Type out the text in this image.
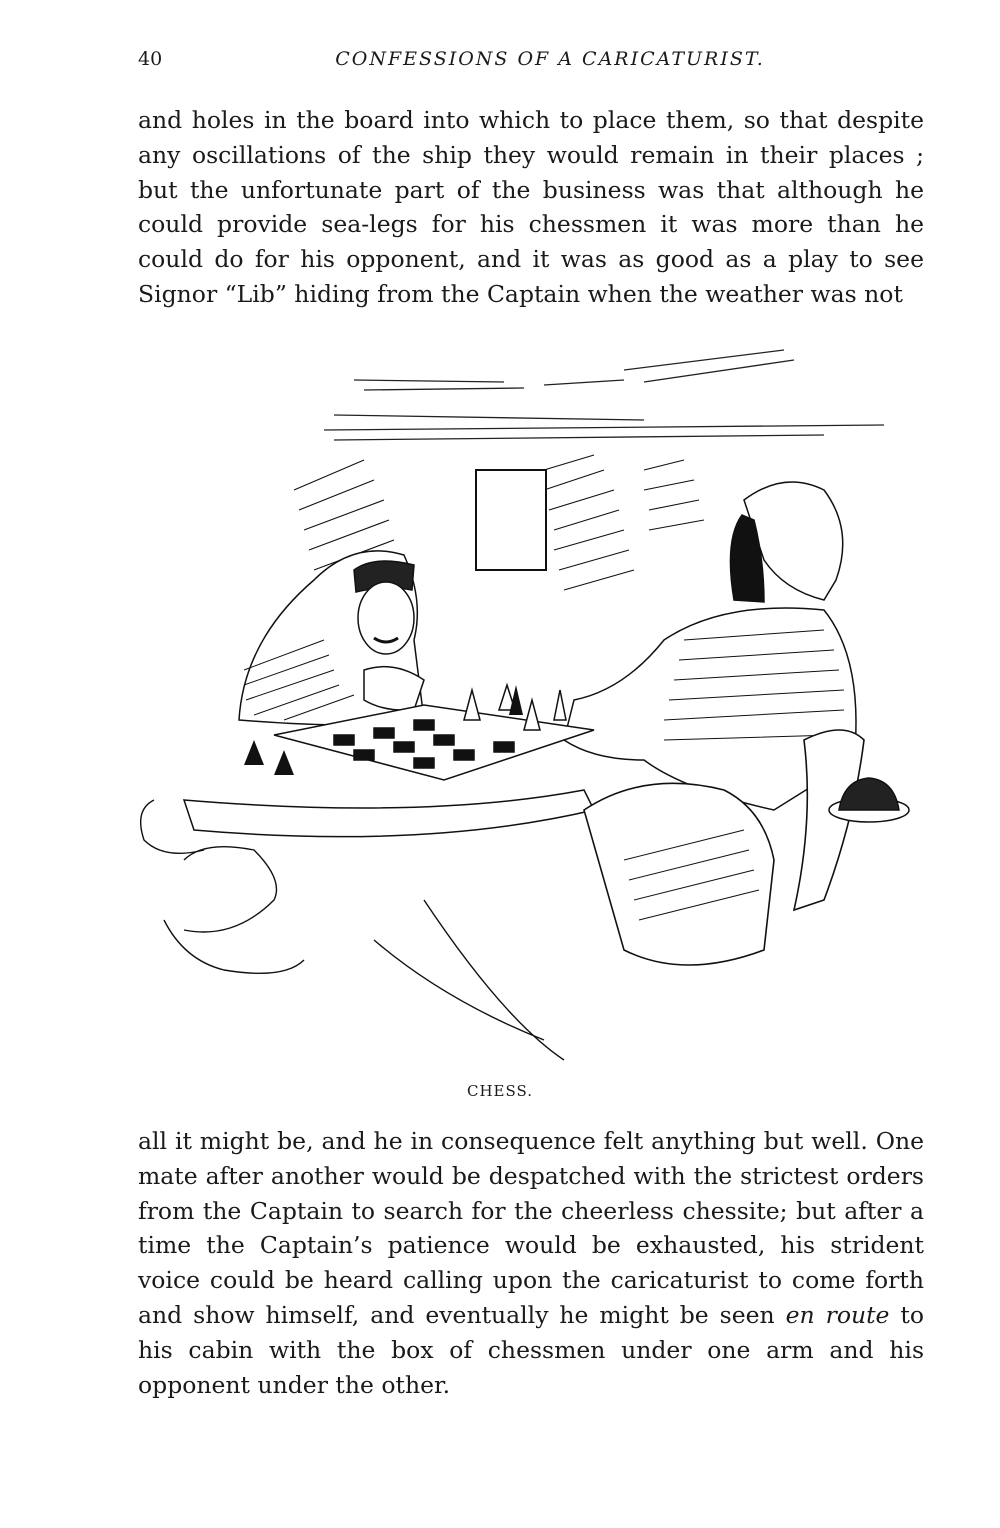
40	CONFESSIONS OF A CARICATURIST.

and holes in the board into which to place them, so that despite any oscillations of the ship they would remain in their places ; but the unfortunate part of the business was that although he could provide sea-legs for his chessmen it was more than he could do for his opponent, and it was as good as a play to see Signor “Lib” hiding from the Captain when the weather was not

CHESS.

all it might be, and he in consequence felt anything but well. One mate after another would be despatched with the strictest orders from the Captain to search for the cheerless chessite; but after a time the Captain’s patience would be exhausted, his strident voice could be heard calling upon the caricaturist to come forth and show himself, and eventually he might be seen en route to his cabin with the box of chessmen under one arm and his opponent under the other.
